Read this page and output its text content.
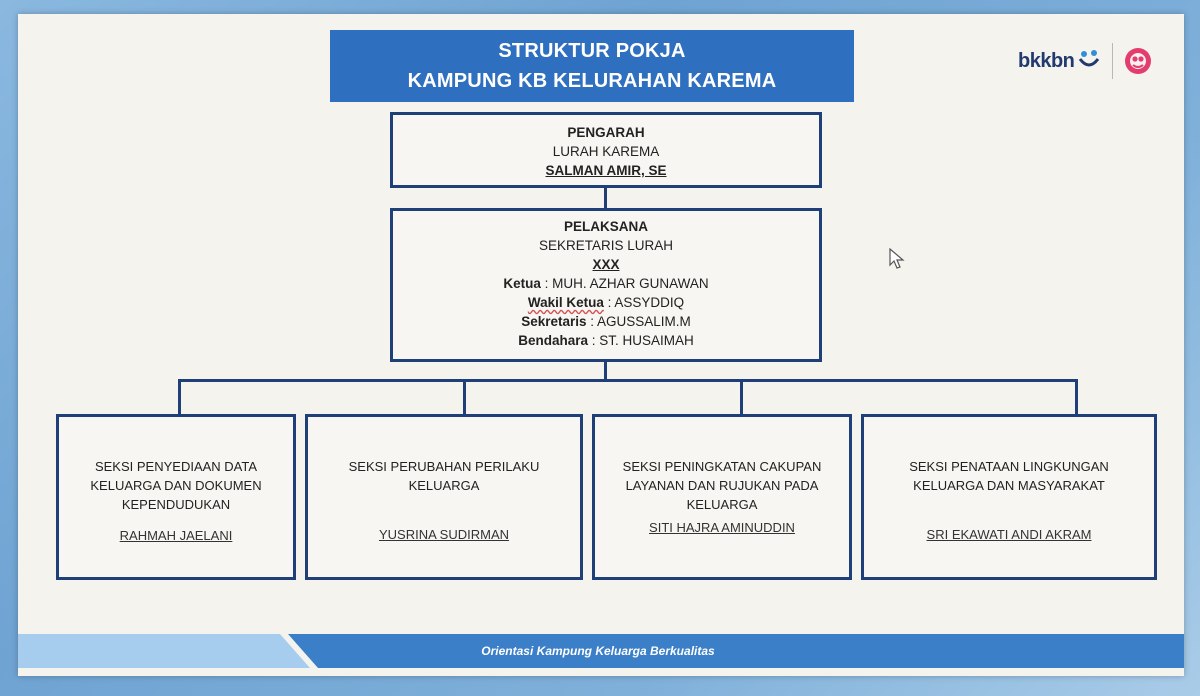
STRUKTUR POKJA
KAMPUNG KB KELURAHAN KAREMA
bkkbn
PENGARAH
LURAH KAREMA
SALMAN AMIR, SE
PELAKSANA
SEKRETARIS LURAH
XXX
Ketua : MUH. AZHAR GUNAWAN
Wakil Ketua : ASSYDDIQ
Sekretaris : AGUSSALIM.M
Bendahara : ST. HUSAIMAH
SEKSI PENYEDIAAN DATA KELUARGA DAN DOKUMEN KEPENDUDUKAN
RAHMAH JAELANI
SEKSI PERUBAHAN PERILAKU KELUARGA
YUSRINA SUDIRMAN
SEKSI PENINGKATAN CAKUPAN LAYANAN DAN RUJUKAN PADA KELUARGA
SITI HAJRA AMINUDDIN
SEKSI PENATAAN LINGKUNGAN KELUARGA DAN MASYARAKAT
SRI EKAWATI ANDI AKRAM
Orientasi Kampung Keluarga Berkualitas
